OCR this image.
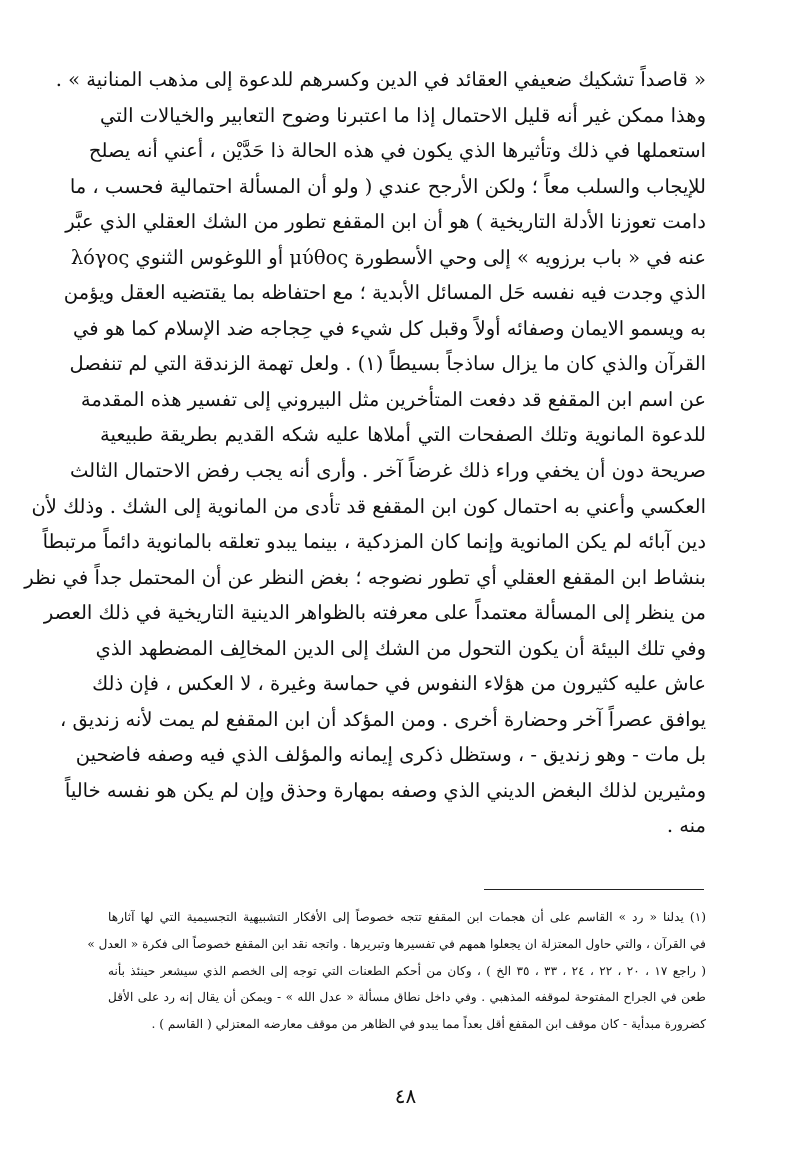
« قاصداً تشكيك ضعيفي العقائد في الدين وكسرهم للدعوة إلى مذهب المنانية » .
وهذا ممكن غير أنه قليل الاحتمال إذا ما اعتبرنا وضوح التعابير والخيالات التي
استعملها في ذلك وتأثيرها الذي يكون في هذه الحالة ذا حَدَّيْن ، أعني أنه يصلح
للإيجاب والسلب معاً ؛ ولكن الأرجح عندي ( ولو أن المسألة احتمالية فحسب ، ما
دامت تعوزنا الأدلة التاريخية ) هو أن ابن المقفع تطور من الشك العقلي الذي عبَّر
عنه في « باب برزويه » إلى وحي الأسطورة μύθος أو اللوغوس الثنوي λόγος
الذي وجدت فيه نفسه حَل المسائل الأبدية ؛ مع احتفاظه بما يقتضيه العقل ويؤمن
به ويسمو الايمان وصفائه أولاً وقبل كل شيء في حِجاجه ضد الإسلام كما هو في
القرآن والذي كان ما يزال ساذجاً بسيطاً (١) . ولعل تهمة الزندقة التي لم تنفصل
عن اسم ابن المقفع قد دفعت المتأخرين مثل البيروني إلى تفسير هذه المقدمة
للدعوة المانوية وتلك الصفحات التي أملاها عليه شكه القديم بطريقة طبيعية
صريحة دون أن يخفي وراء ذلك غرضاً آخر . وأرى أنه يجب رفض الاحتمال الثالث
العكسي وأعني به احتمال كون ابن المقفع قد تأدى من المانوية إلى الشك . وذلك لأن
دين آبائه لم يكن المانوية وإنما كان المزدكية ، بينما يبدو تعلقه بالمانوية دائماً مرتبطاً
بنشاط ابن المقفع العقلي أي تطور نضوجه ؛ بغض النظر عن أن المحتمل جداً في نظر
من ينظر إلى المسألة معتمداً على معرفته بالظواهر الدينية التاريخية في ذلك العصر
وفي تلك البيئة أن يكون التحول من الشك إلى الدين المخالِف المضطهد الذي
عاش عليه كثيرون من هؤلاء النفوس في حماسة وغيرة ، لا العكس ، فإن ذلك
يوافق عصراً آخر وحضارة أخرى . ومن المؤكد أن ابن المقفع لم يمت لأنه زنديق ،
بل مات - وهو زنديق - ، وستظل ذكرى إيمانه والمؤلف الذي فيه وصفه فاضحين
ومثيرين لذلك البغض الديني الذي وصفه بمهارة وحذق وإن لم يكن هو نفسه خالياً
منه .
(١) يدلنا « رد » القاسم على أن هجمات ابن المقفع تتجه خصوصاً إلى الأفكار التشبيهية التجسيمية التي لها آثارها
في القرآن ، والتي حاول المعتزلة ان يجعلوا همهم في تفسيرها وتبريرها . واتجه نقد ابن المقفع خصوصاً الى فكرة « العدل »
( راجع ١٧ ، ٢٠ ، ٢٢ ، ٢٤ ، ٣٣ ، ٣٥ الخ ) ، وكان من أحكم الطعنات التي توجه إلى الخصم الذي سيشعر حينئذ بأنه
طعن في الجراح المفتوحة لموقفه المذهبي . وفي داخل نطاق مسألة « عدل الله » - ويمكن أن يقال إنه رد على الأقل
كضرورة مبدأية - كان موقف ابن المقفع أقل بعداً مما يبدو في الظاهر من موقف معارضه المعتزلي ( القاسم ) .
٤٨
